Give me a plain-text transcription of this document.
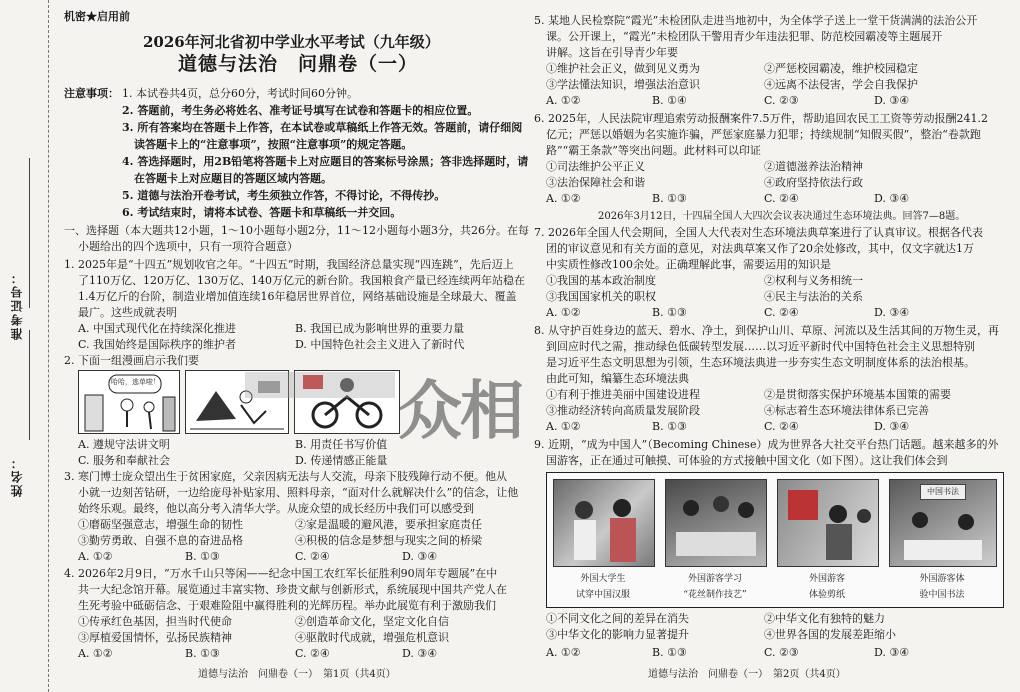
准考证号：
姓名：
机密★启用前
2026年河北省初中学业水平考试（九年级）
道德与法治　问鼎卷（一）
注意事项： 1. 本试卷共4页，总分60分，考试时间60分钟。
2. 答题前，考生务必将姓名、准考证号填写在试卷和答题卡的相应位置。
3. 所有答案均在答题卡上作答，在本试卷或草稿纸上作答无效。答题前，请仔细阅
读答题卡上的“注意事项”，按照“注意事项”的规定答题。
4. 答选择题时，用2B铅笔将答题卡上对应题目的答案标号涂黑；答非选择题时，请
在答题卡上对应题目的答题区域内答题。
5. 道德与法治开卷考试，考生须独立作答，不得讨论，不得传抄。
6. 考试结束时，请将本试卷、答题卡和草稿纸一并交回。
一、选择题（本大题共12小题，1～10小题每小题2分，11～12小题每小题3分，共26分。在每
小题给出的四个选项中，只有一项符合题意）
1. 2025年是“十四五”规划收官之年。“十四五”时期，我国经济总量实现“四连跳”，先后迈上
了110万亿、120万亿、130万亿、140万亿元的新台阶。我国粮食产量已经连续两年站稳在
1.4万亿斤的台阶，制造业增加值连续16年稳居世界首位，网络基础设施是全球最大、覆盖
最广。这些成就表明
A. 中国式现代化在持续深化推进	B. 我国已成为影响世界的重要力量
C. 我国始终是国际秩序的维护者	D. 中国特色社会主义进入了新时代
2. 下面一组漫画启示我们要
哈哈，逃单啦！
A. 遵规守法讲文明	B. 用责任书写价值
C. 服务和奉献社会	D. 传递情感正能量
3. 寒门博士庞众望出生于贫困家庭，父亲因病无法与人交流，母亲下肢残障行动不便。他从
小就一边刻苦钻研，一边给庞母补贴家用、照料母亲，“面对什么就解决什么”的信念，让他
始终乐观。最终，他以高分考入清华大学。从庞众望的成长经历中我们可以感受到
①磨砺坚强意志，增强生命的韧性	②家是温暖的避风港，要承担家庭责任
③勤劳勇敢、自强不息的奋进品格	④积极的信念是梦想与现实之间的桥梁
A. ①②	B. ①③	C. ②④	D. ③④
4. 2026年2月9日，“万水千山只等闲——纪念中国工农红军长征胜利90周年专题展”在中
共一大纪念馆开幕。展览通过丰富实物、珍贵文献与创新形式，系统展现中国共产党人在
生死考验中砥砺信念、于艰难险阻中赢得胜利的光辉历程。举办此展览有利于激励我们
①传承红色基因，担当时代使命	②创造革命文化，坚定文化自信
③厚植爱国情怀，弘扬民族精神	④驱散时代成就，增强危机意识
A. ①②	B. ①③	C. ②④	D. ③④
道德与法治　问鼎卷（一）　第1页（共4页）
众相
5. 某地人民检察院“霞光”未检团队走进当地初中，为全体学子送上一堂干货满满的法治公开
课。公开课上，“霞光”未检团队干警用青少年违法犯罪、防范校园霸凌等主题展开
讲解。这旨在引导青少年要
①维护社会正义，做到见义勇为	②严惩校园霸凌，维护校园稳定
③学法懂法知识，增强法治意识	④远离不法侵害，学会自我保护
A. ①②	B. ①④	C. ②③	D. ③④
6. 2025年，人民法院审理追索劳动报酬案件7.5万件，帮助追回农民工工资等劳动报酬241.2
亿元；严惩以婚姻为名实施诈骗，严惩家庭暴力犯罪；持续规制“知假买假”，整治“卷款跑
路”“霸王条款”等突出问题。此材料可以印证
①司法维护公平正义	②道德滋养法治精神
③法治保障社会和谐	④政府坚持依法行政
A. ①②	B. ①③	C. ②④	D. ③④
2026年3月12日，十四届全国人大四次会议表决通过生态环境法典。回答7—8题。
7. 2026年全国人代会期间，全国人大代表对生态环境法典草案进行了认真审议。根据各代表
团的审议意见和有关方面的意见，对法典草案又作了20余处修改，其中，仅文字就达1万
中实质性修改100余处。正确理解此事，需要运用的知识是
①我国的基本政治制度	②权利与义务相统一
③我国国家机关的职权	④民主与法治的关系
A. ①②	B. ①③	C. ②④	D. ③④
8. 从守护百姓身边的蓝天、碧水、净土，到保护山川、草原、河流以及生活其间的万物生灵，再
到回应时代之需，推动绿色低碳转型发展……以习近平新时代中国特色社会主义思想特别
是习近平生态文明思想为引领，生态环境法典进一步夯实生态文明制度体系的法治根基。
由此可知，编纂生态环境法典
①有利于推进美丽中国建设进程	②是贯彻落实保护环境基本国策的需要
③推动经济转向高质量发展阶段	④标志着生态环境法律体系已完善
A. ①②	B. ①③	C. ②④	D. ③④
9. 近期，“成为中国人”（Becoming Chinese）成为世界各大社交平台热门话题。越来越多的外
国游客，正在通过可触摸、可体验的方式接触中国文化（如下图）。这让我们体会到
中国书法
外国大学生
试穿中国汉服
外国游客学习
“花丝制作技艺”
外国游客
体验剪纸
外国游客体
验中国书法
①不同文化之间的差异在消失	②中华文化有独特的魅力
③中华文化的影响力显著提升	④世界各国的发展差距缩小
A. ①②	B. ①③	C. ②③	D. ③④
道德与法治　问鼎卷（一）　第2页（共4页）
